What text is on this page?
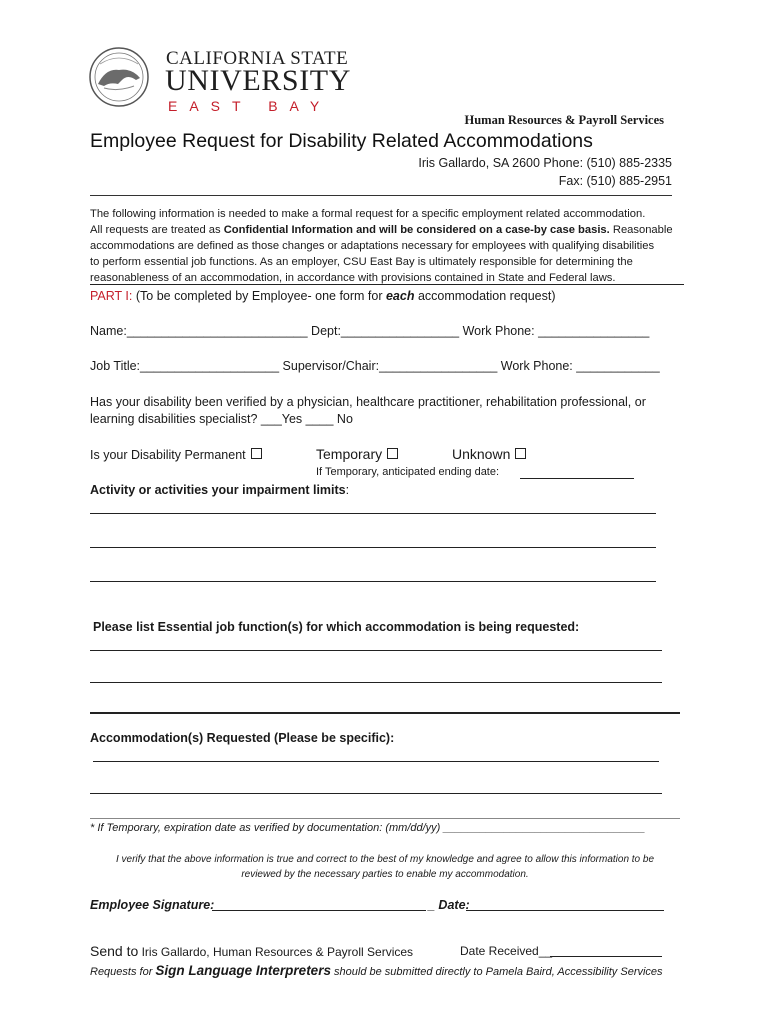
CALIFORNIA STATE
UNIVERSITY
EAST BAY
Human Resources & Payroll Services
Employee Request for Disability Related Accommodations
Iris Gallardo, SA 2600 Phone: (510) 885-2335
Fax: (510) 885-2951

The following information is needed to make a formal request for a specific employment related accommodation.

All requests are treated as Confidential Information and will be considered on a case-by case basis. Reasonable

accommodations are defined as those changes or adaptations necessary for employees with qualifying disabilities

to perform essential job functions. As an employer, CSU East Bay is ultimately responsible for determining the

reasonableness of an accommodation, in accordance with provisions contained in State and Federal laws.

PART I: (To be completed by Employee- one form for each accommodation request)
Name:__________________________ Dept:_________________ Work Phone: ________________
Job Title:____________________ Supervisor/Chair:_________________ Work Phone: ____________
Has your disability been verified by a physician, healthcare practitioner, rehabilitation professional, or
learning disabilities specialist? ___Yes ____ No
Is your Disability Permanent	Temporary	Unknown
If Temporary, anticipated ending date:
Activity or activities your impairment limits:
Please list Essential job function(s) for which accommodation is being requested:
Accommodation(s) Requested (Please be specific):
* If Temporary, expiration date as verified by documentation: (mm/dd/yy) _________________________________

I verify that the above information is true and correct to the best of my knowledge and agree to allow this information to be

reviewed by the necessary parties to enable my accommodation.

Employee Signature:	_ Date:
Send to Iris Gallardo, Human Resources & Payroll Services	Date Received__
Requests for Sign Language Interpreters should be submitted directly to Pamela Baird, Accessibility Services
